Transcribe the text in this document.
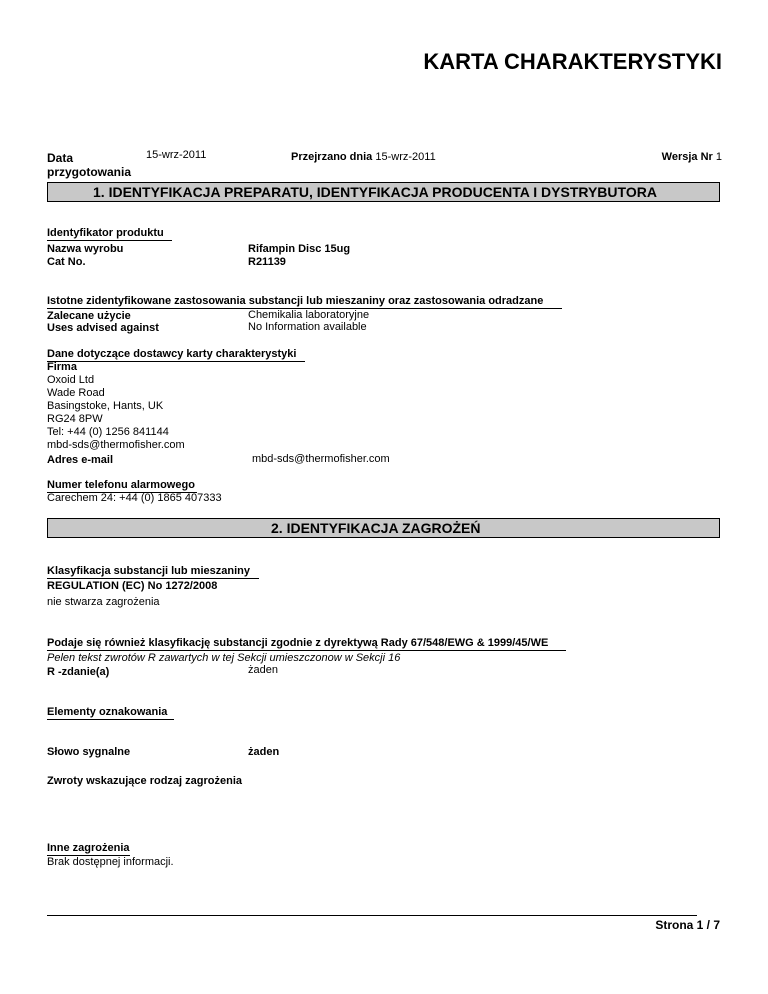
KARTA CHARAKTERYSTYKI
Data
przygotowania
15-wrz-2011	Przejrzano dnia 15-wrz-2011	Wersja Nr 1
1. IDENTYFIKACJA PREPARATU, IDENTYFIKACJA PRODUCENTA I DYSTRYBUTORA
Identyfikator produktu
Nazwa wyrobu	Rifampin Disc 15ug
Cat No.	R21139
Istotne zidentyfikowane zastosowania substancji lub mieszaniny oraz zastosowania odradzane
Zalecane użycie	Chemikalia laboratoryjne
Uses advised against	No Information available
Dane dotyczące dostawcy karty charakterystyki
Firma
Oxoid Ltd
Wade Road
Basingstoke, Hants, UK
RG24 8PW
Tel: +44 (0) 1256 841144
mbd-sds@thermofisher.com
Adres e-mail	mbd-sds@thermofisher.com
Numer telefonu alarmowego
Carechem 24: +44 (0) 1865 407333
2. IDENTYFIKACJA ZAGROŻEŃ
Klasyfikacja substancji lub mieszaniny
REGULATION (EC) No 1272/2008
nie stwarza zagrożenia
Podaje się również klasyfikację substancji zgodnie z dyrektywą Rady 67/548/EWG & 1999/45/WE
Pelen tekst zwrotów R zawartych w tej Sekcji umieszczonow w Sekcji 16
R -zdanie(a)	żaden
Elementy oznakowania
Słowo sygnalne	żaden
Zwroty wskazujące rodzaj zagrożenia
Inne zagrożenia
Brak dostępnej informacji.
Strona 1 / 7
